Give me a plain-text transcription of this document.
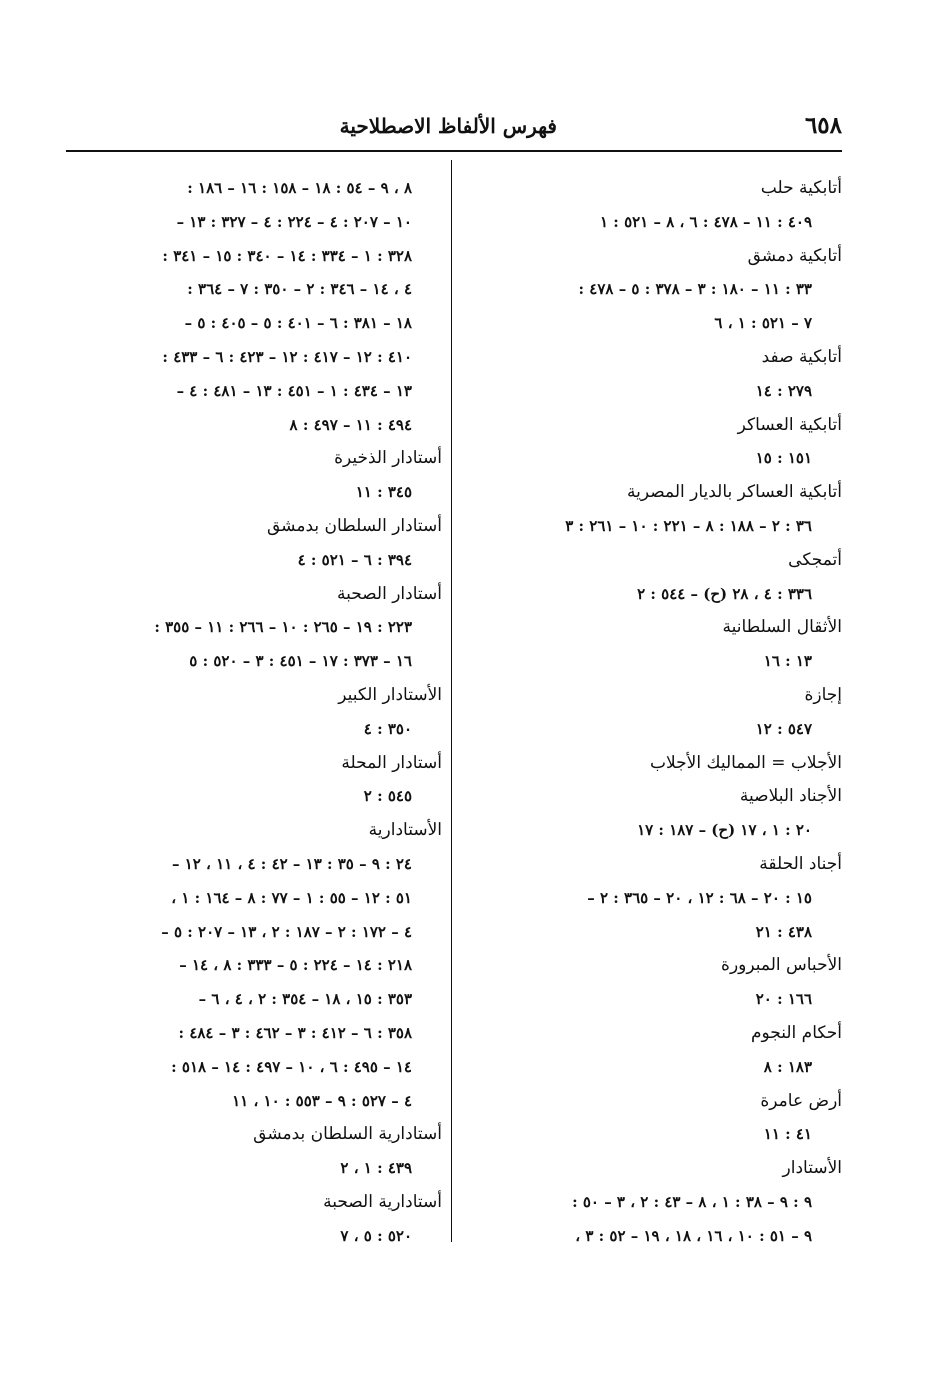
٦٥٨
فهرس الألفاظ الاصطلاحية
أتابكية حلب
٤٠٩ : ١١ – ٤٧٨ : ٦ ، ٨ – ٥٢١ : ١
أتابكية دمشق
٣٣ : ١١ – ١٨٠ : ٣ – ٣٧٨ : ٥ – ٤٧٨ :
٧ – ٥٢١ : ١ ، ٦
أتابكية صفد
٢٧٩ : ١٤
أتابكية العساكر
١٥١ : ١٥
أتابكية العساكر بالديار المصرية
٣٦ : ٢ – ١٨٨ : ٨ – ٢٢١ : ١٠ – ٢٦١ : ٣
أتمجكى
٣٣٦ : ٤ ، ٢٨ (ح) – ٥٤٤ : ٢
الأثقال السلطانية
١٣ : ١٦
إجازة
٥٤٧ : ١٢
الأجلاب = المماليك الأجلاب
الأجناد البلاصية
٢٠ : ١ ، ١٧ (ح) – ١٨٧ : ١٧
أجناد الحلقة
١٥ : ٢٠ – ٦٨ : ١٢ ، ٢٠ – ٣٦٥ : ٢ –
٤٣٨ : ٢١
الأحباس المبرورة
١٦٦ : ٢٠
أحكام النجوم
١٨٣ : ٨
أرض عامرة
٤١ : ١١
الأستادار
٩ : ٩ – ٣٨ : ١ ، ٨ – ٤٣ : ٢ ، ٣ – ٥٠ :
٩ – ٥١ : ١٠ ، ١٦ ، ١٨ ، ١٩ – ٥٢ : ٣ ،
٨ ، ٩ – ٥٤ : ١٨ – ١٥٨ : ١٦ – ١٨٦ :
١٠ – ٢٠٧ : ٤ – ٢٢٤ : ٤ – ٣٢٧ : ١٣ –
٣٢٨ : ١ – ٣٣٤ : ١٤ – ٣٤٠ : ١٥ – ٣٤١ :
٤ ، ١٤ – ٣٤٦ : ٢ – ٣٥٠ : ٧ – ٣٦٤ :
١٨ – ٣٨١ : ٦ – ٤٠١ : ٥ – ٤٠٥ : ٥ –
٤١٠ : ١٢ – ٤١٧ : ١٢ – ٤٢٣ : ٦ – ٤٣٣ :
١٣ – ٤٣٤ : ١ – ٤٥١ : ١٣ – ٤٨١ : ٤ –
٤٩٤ : ١١ – ٤٩٧ : ٨
أستادار الذخيرة
٣٤٥ : ١١
أستادار السلطان بدمشق
٣٩٤ : ٦ – ٥٢١ : ٤
أستادار الصحبة
٢٢٣ : ١٩ – ٢٦٥ : ١٠ – ٢٦٦ : ١١ – ٣٥٥ :
١٦ – ٣٧٣ : ١٧ – ٤٥١ : ٣ – ٥٢٠ : ٥
الأستادار الكبير
٣٥٠ : ٤
أستادار المحلة
٥٤٥ : ٢
الأستادارية
٢٤ : ٩ – ٣٥ : ١٣ – ٤٢ : ٤ ، ١١ ، ١٢ –
٥١ : ١٢ – ٥٥ : ١ – ٧٧ : ٨ – ١٦٤ : ١ ،
٤ – ١٧٢ : ٢ – ١٨٧ : ٢ ، ١٣ – ٢٠٧ : ٥ –
٢١٨ : ١٤ – ٢٢٤ : ٥ – ٣٣٣ : ٨ ، ١٤ –
٣٥٣ : ١٥ ، ١٨ – ٣٥٤ : ٢ ، ٤ ، ٦ –
٣٥٨ : ٦ – ٤١٢ : ٣ – ٤٦٢ : ٣ – ٤٨٤ :
١٤ – ٤٩٥ : ٦ ، ١٠ – ٤٩٧ : ١٤ – ٥١٨ :
٤ – ٥٢٧ : ٩ – ٥٥٣ : ١٠ ، ١١
أستادارية السلطان بدمشق
٤٣٩ : ١ ، ٢
أستادارية الصحبة
٥٢٠ : ٥ ، ٧
